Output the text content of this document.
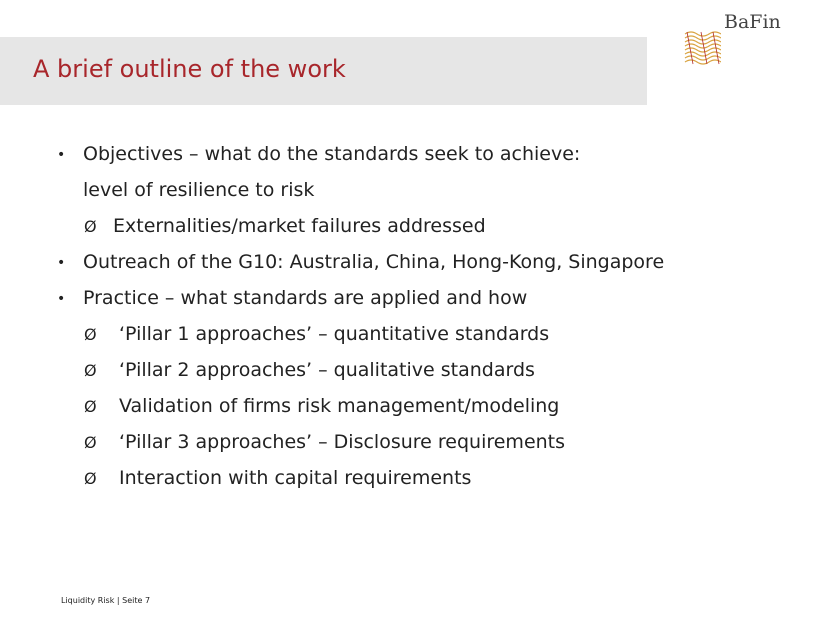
A brief outline of the work
BaFin
• Objectives – what do the standards seek to achieve:
level of resilience to risk
Ø Externalities/market failures addressed
• Outreach of the G10: Australia, China, Hong-Kong, Singapore
• Practice – what standards are applied and how
Ø ‘Pillar 1 approaches’ – quantitative standards
Ø ‘Pillar 2 approaches’ – qualitative standards
Ø Validation of firms risk management/modeling
Ø ‘Pillar 3 approaches’ – Disclosure requirements
Ø Interaction with capital requirements
Liquidity Risk | Seite 7
